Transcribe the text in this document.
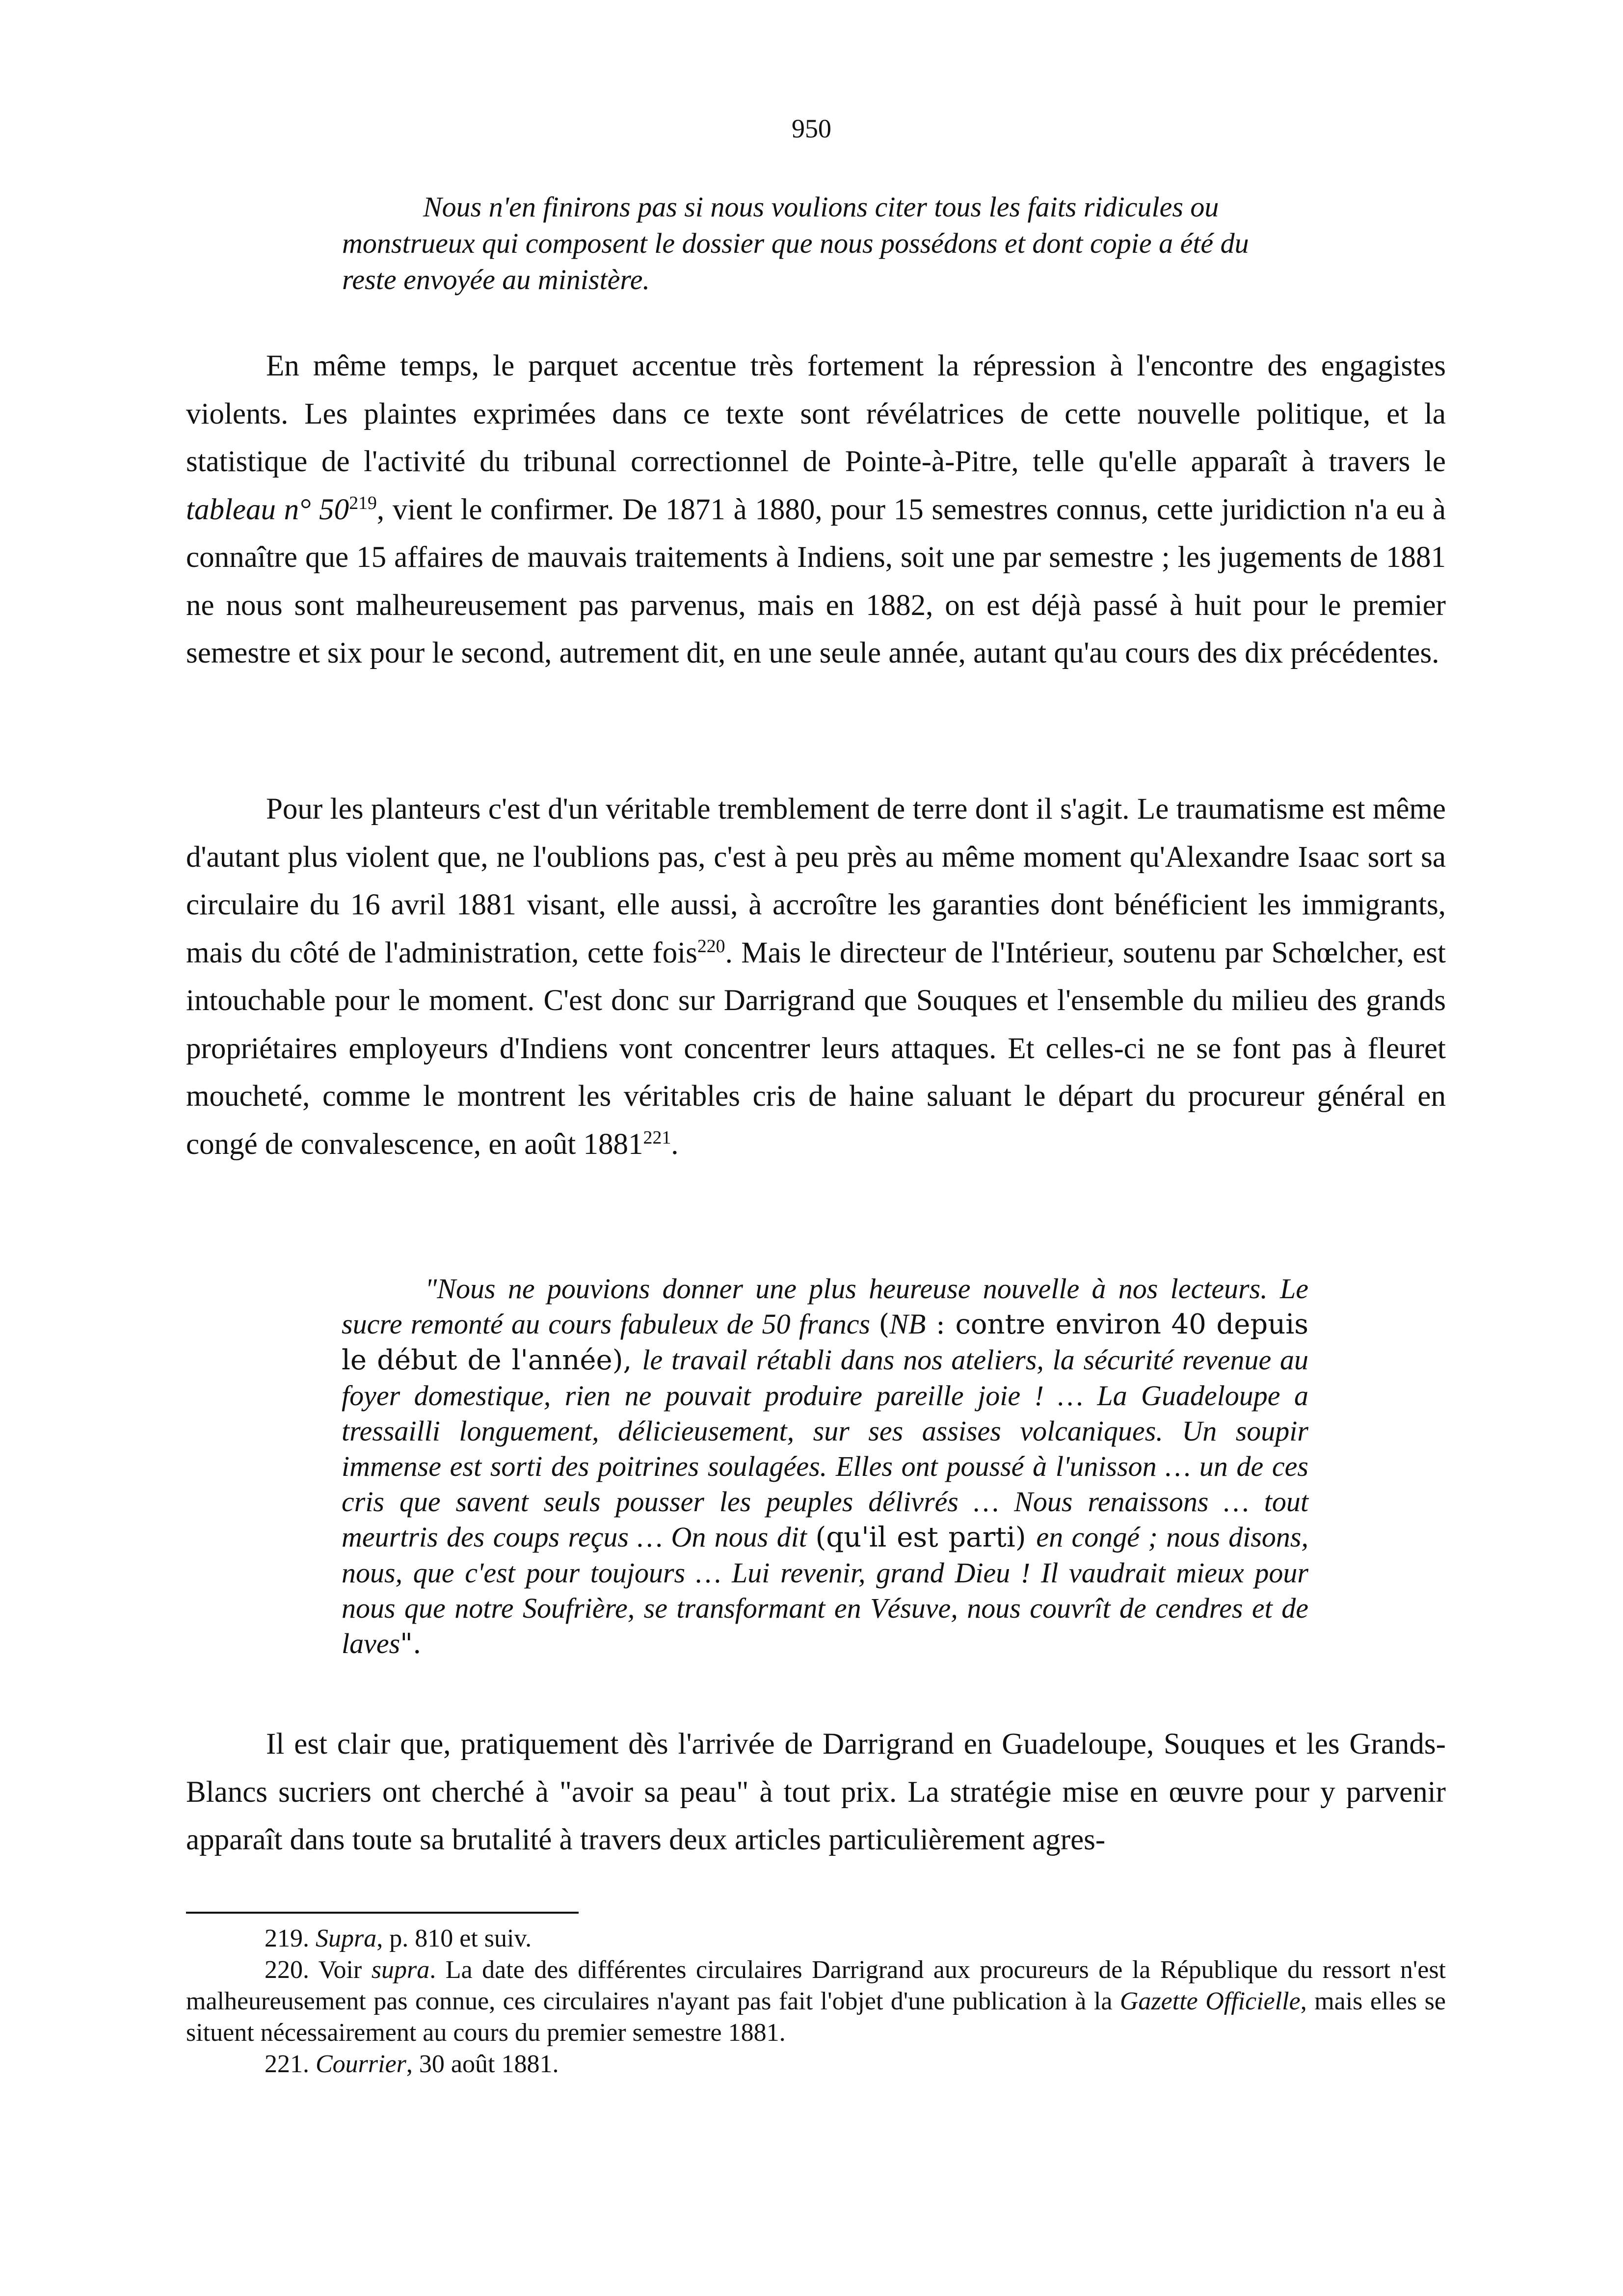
950
Nous n'en finirons pas si nous voulions citer tous les faits ridicules ou monstrueux qui composent le dossier que nous possédons et dont copie a été du reste envoyée au ministère.
En même temps, le parquet accentue très fortement la répression à l'encontre des engagistes violents. Les plaintes exprimées dans ce texte sont révélatrices de cette nouvelle politique, et la statistique de l'activité du tribunal correctionnel de Pointe-à-Pitre, telle qu'elle apparaît à travers le tableau n° $50^{219}$, vient le confirmer. De 1871 à 1880, pour 15 semestres connus, cette juridiction n'a eu à connaître que 15 affaires de mauvais traitements à Indiens, soit une par semestre ; les jugements de 1881 ne nous sont malheureusement pas parvenus, mais en 1882, on est déjà passé à huit pour le premier semestre et six pour le second, autrement dit, en une seule année, autant qu'au cours des dix précédentes.
Pour les planteurs c'est d'un véritable tremblement de terre dont il s'agit. Le traumatisme est même d'autant plus violent que, ne l'oublions pas, c'est à peu près au même moment qu'Alexandre Isaac sort sa circulaire du 16 avril 1881 visant, elle aussi, à accroître les garanties dont bénéficient les immigrants, mais du côté de l'administration, cette fois$^{220}$. Mais le directeur de l'Intérieur, soutenu par Schœlcher, est intouchable pour le moment. C'est donc sur Darrigrand que Souques et l'ensemble du milieu des grands propriétaires employeurs d'Indiens vont concentrer leurs attaques. Et celles-ci ne se font pas à fleuret moucheté, comme le montrent les véritables cris de haine saluant le départ du procureur général en congé de convalescence, en août 1881$^{221}$.
"Nous ne pouvions donner une plus heureuse nouvelle à nos lecteurs. Le sucre remonté au cours fabuleux de 50 francs (NB : contre environ 40 depuis le début de l'année), le travail rétabli dans nos ateliers, la sécurité revenue au foyer domestique, rien ne pouvait produire pareille joie ! … La Guadeloupe a tressailli longuement, délicieusement, sur ses assises volcaniques. Un soupir immense est sorti des poitrines soulagées. Elles ont poussé à l'unisson … un de ces cris que savent seuls pousser les peuples délivrés … Nous renaissons … tout meurtris des coups reçus … On nous dit (qu'il est parti) en congé ; nous disons, nous, que c'est pour toujours … Lui revenir, grand Dieu ! Il vaudrait mieux pour nous que notre Soufrière, se transformant en Vésuve, nous couvrît de cendres et de laves".
Il est clair que, pratiquement dès l'arrivée de Darrigrand en Guadeloupe, Souques et les Grands-Blancs sucriers ont cherché à "avoir sa peau" à tout prix. La stratégie mise en œuvre pour y parvenir apparaît dans toute sa brutalité à travers deux articles particulièrement agres-

219. Supra, p. 810 et suiv.

220. Voir supra. La date des différentes circulaires Darrigrand aux procureurs de la République du ressort n'est malheureusement pas connue, ces circulaires n'ayant pas fait l'objet d'une publication à la Gazette Officielle, mais elles se situent nécessairement au cours du premier semestre 1881.

221. Courrier, 30 août 1881.
